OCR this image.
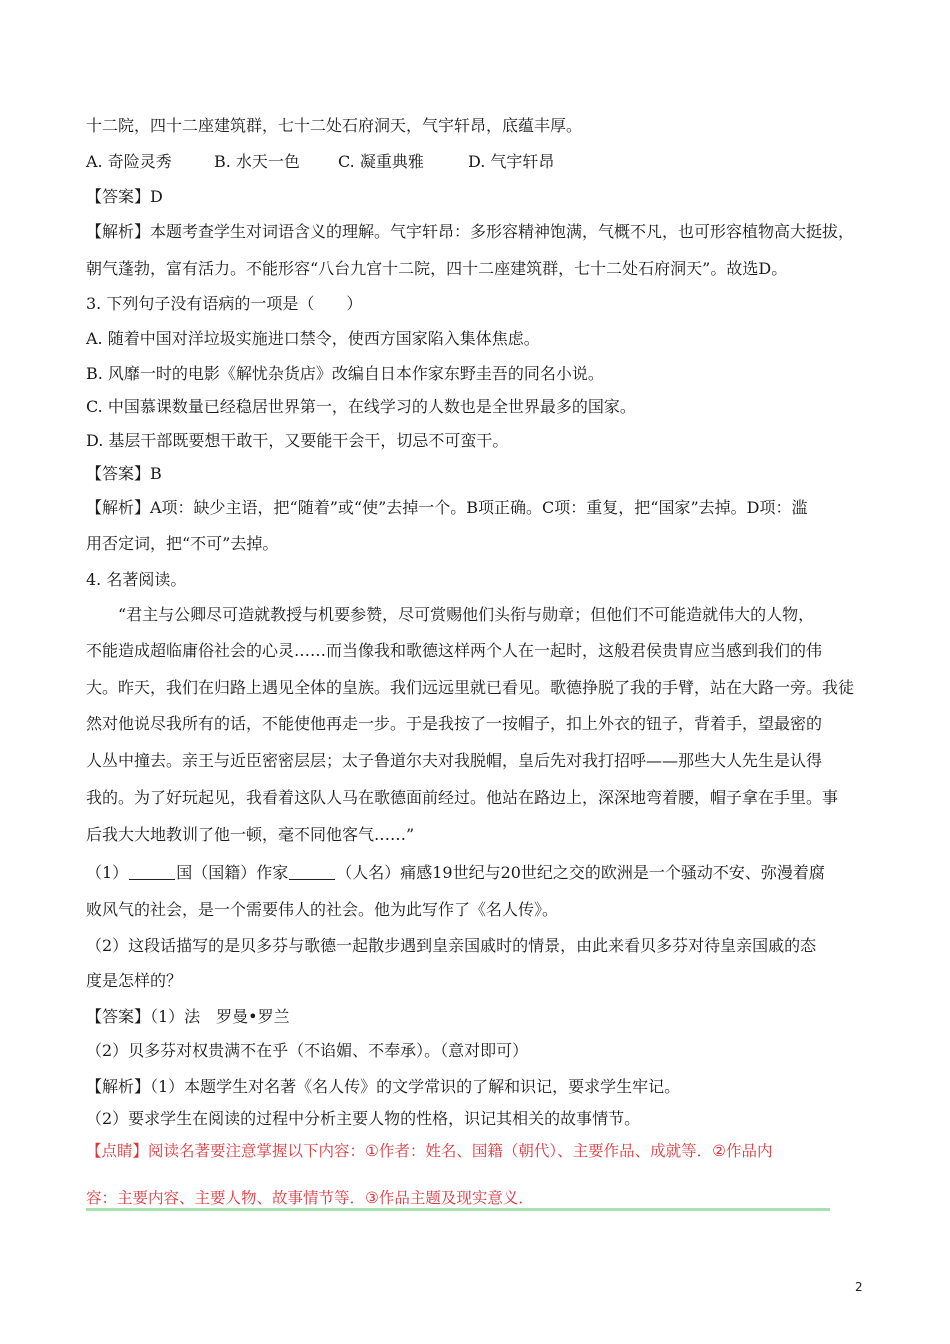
十二院，四十二座建筑群，七十二处石府洞天，气宇轩昂，底蕴丰厚。
A. 奇险灵秀	B. 水天一色 C. 凝重典雅	D. 气宇轩昂
【答案】D
【解析】本题考查学生对词语含义的理解。气宇轩昂：多形容精神饱满，气概不凡，也可形容植物高大挺拔，
朝气蓬勃，富有活力。不能形容“八台九宫十二院，四十二座建筑群，七十二处石府洞天”。故选D。
3. 下列句子没有语病的一项是（　　）
A. 随着中国对洋垃圾实施进口禁令，使西方国家陷入集体焦虑。
B. 风靡一时的电影《解忧杂货店》改编自日本作家东野圭吾的同名小说。
C. 中国慕课数量已经稳居世界第一，在线学习的人数也是全世界最多的国家。
D. 基层干部既要想干敢干，又要能干会干，切忌不可蛮干。
【答案】B
【解析】A项：缺少主语，把“随着”或“使”去掉一个。B项正确。C项：重复，把“国家”去掉。D项：滥
用否定词，把“不可”去掉。
4. 名著阅读。
“君主与公卿尽可造就教授与机要参赞，尽可赏赐他们头衔与勋章；但他们不可能造就伟大的人物，
不能造成超临庸俗社会的心灵……而当像我和歌德这样两个人在一起时，这般君侯贵胄应当感到我们的伟
大。昨天，我们在归路上遇见全体的皇族。我们远远里就已看见。歌德挣脱了我的手臂，站在大路一旁。我徒
然对他说尽我所有的话，不能使他再走一步。于是我按了一按帽子，扣上外衣的钮子，背着手，望最密的
人丛中撞去。亲王与近臣密密层层；太子鲁道尔夫对我脱帽，皇后先对我打招呼——那些大人先生是认得
我的。为了好玩起见，我看着这队人马在歌德面前经过。他站在路边上，深深地弯着腰，帽子拿在手里。事
后我大大地教训了他一顿，毫不同他客气……”
（1）	国（国籍）作家	（人名）痛感19世纪与20世纪之交的欧洲是一个骚动不安、弥漫着腐
败风气的社会，是一个需要伟人的社会。他为此写作了《名人传》。
（2）这段话描写的是贝多芬与歌德一起散步遇到皇亲国戚时的情景，由此来看贝多芬对待皇亲国戚的态
度是怎样的？
【答案】（1）法　罗曼•罗兰
（2）贝多芬对权贵满不在乎（不谄媚、不奉承）。（意对即可）
【解析】（1）本题学生对名著《名人传》的文学常识的了解和识记，要求学生牢记。
（2）要求学生在阅读的过程中分析主要人物的性格，识记其相关的故事情节。
【点睛】阅读名著要注意掌握以下内容：①作者：姓名、国籍（朝代）、主要作品、成就等．②作品内
容：主要内容、主要人物、故事情节等．③作品主题及现实意义．
2
